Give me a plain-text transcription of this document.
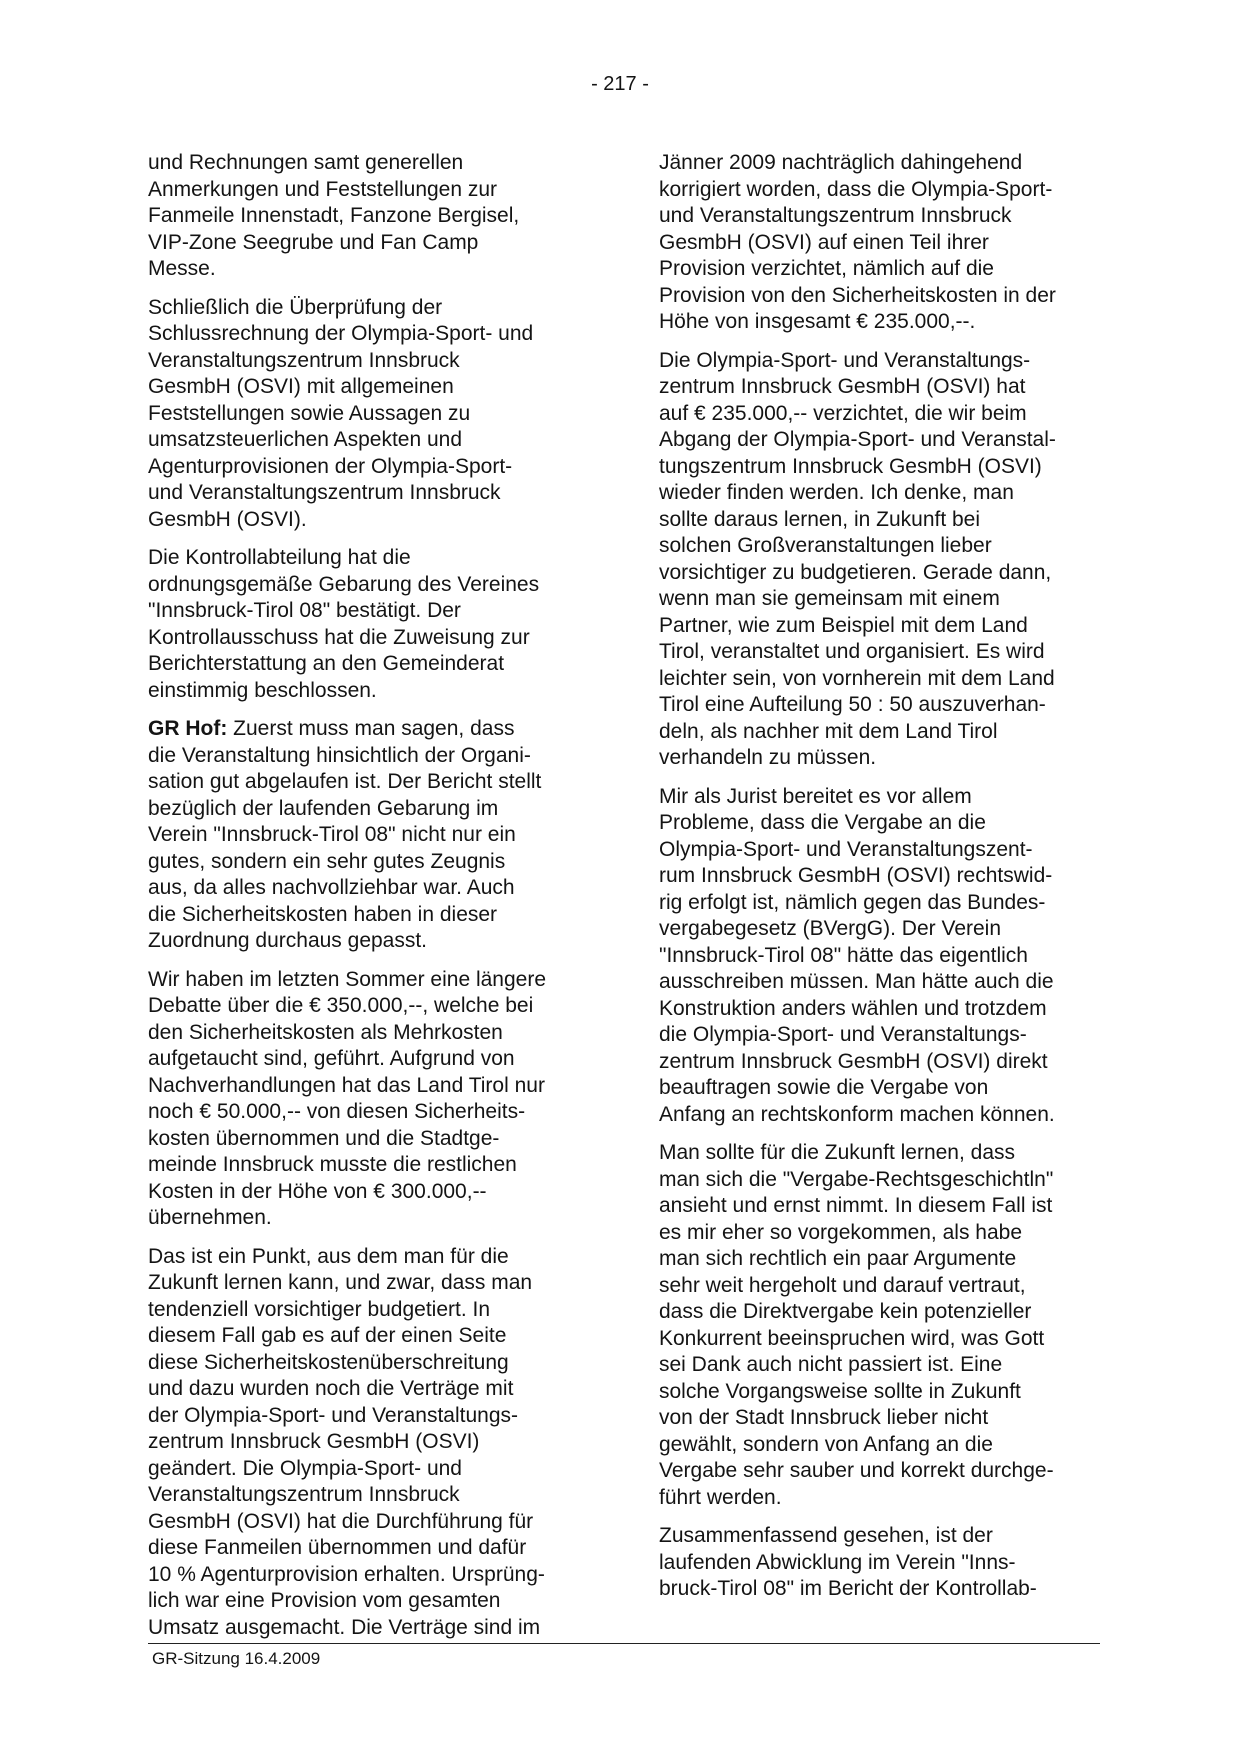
- 217 -
und Rechnungen samt generellen
Anmerkungen und Feststellungen zur
Fanmeile Innenstadt, Fanzone Bergisel,
VIP-Zone Seegrube und Fan Camp
Messe.
Schließlich die Überprüfung der
Schlussrechnung der Olympia-Sport- und
Veranstaltungszentrum Innsbruck
GesmbH (OSVI) mit allgemeinen
Feststellungen sowie Aussagen zu
umsatzsteuerlichen Aspekten und
Agenturprovisionen der Olympia-Sport-
und Veranstaltungszentrum Innsbruck
GesmbH (OSVI).
Die Kontrollabteilung hat die
ordnungsgemäße Gebarung des Vereines
"Innsbruck-Tirol 08" bestätigt. Der
Kontrollausschuss hat die Zuweisung zur
Berichterstattung an den Gemeinderat
einstimmig beschlossen.
GR Hof: Zuerst muss man sagen, dass
die Veranstaltung hinsichtlich der Organi-
sation gut abgelaufen ist. Der Bericht stellt
bezüglich der laufenden Gebarung im
Verein "Innsbruck-Tirol 08" nicht nur ein
gutes, sondern ein sehr gutes Zeugnis
aus, da alles nachvollziehbar war. Auch
die Sicherheitskosten haben in dieser
Zuordnung durchaus gepasst.
Wir haben im letzten Sommer eine längere
Debatte über die € 350.000,--, welche bei
den Sicherheitskosten als Mehrkosten
aufgetaucht sind, geführt. Aufgrund von
Nachverhandlungen hat das Land Tirol nur
noch € 50.000,-- von diesen Sicherheits-
kosten übernommen und die Stadtge-
meinde Innsbruck musste die restlichen
Kosten in der Höhe von € 300.000,--
übernehmen.
Das ist ein Punkt, aus dem man für die
Zukunft lernen kann, und zwar, dass man
tendenziell vorsichtiger budgetiert. In
diesem Fall gab es auf der einen Seite
diese Sicherheitskostenüberschreitung
und dazu wurden noch die Verträge mit
der Olympia-Sport- und Veranstaltungs-
zentrum Innsbruck GesmbH (OSVI)
geändert. Die Olympia-Sport- und
Veranstaltungszentrum Innsbruck
GesmbH (OSVI) hat die Durchführung für
diese Fanmeilen übernommen und dafür
10 % Agenturprovision erhalten. Ursprüng-
lich war eine Provision vom gesamten
Umsatz ausgemacht. Die Verträge sind im
Jänner 2009 nachträglich dahingehend
korrigiert worden, dass die Olympia-Sport-
und Veranstaltungszentrum Innsbruck
GesmbH (OSVI) auf einen Teil ihrer
Provision verzichtet, nämlich auf die
Provision von den Sicherheitskosten in der
Höhe von insgesamt € 235.000,--.
Die Olympia-Sport- und Veranstaltungs-
zentrum Innsbruck GesmbH (OSVI) hat
auf € 235.000,-- verzichtet, die wir beim
Abgang der Olympia-Sport- und Veranstal-
tungszentrum Innsbruck GesmbH (OSVI)
wieder finden werden. Ich denke, man
sollte daraus lernen, in Zukunft bei
solchen Großveranstaltungen lieber
vorsichtiger zu budgetieren. Gerade dann,
wenn man sie gemeinsam mit einem
Partner, wie zum Beispiel mit dem Land
Tirol, veranstaltet und organisiert. Es wird
leichter sein, von vornherein mit dem Land
Tirol eine Aufteilung 50 : 50 auszuverhan-
deln, als nachher mit dem Land Tirol
verhandeln zu müssen.
Mir als Jurist bereitet es vor allem
Probleme, dass die Vergabe an die
Olympia-Sport- und Veranstaltungszent-
rum Innsbruck GesmbH (OSVI) rechtswid-
rig erfolgt ist, nämlich gegen das Bundes-
vergabegesetz (BVergG). Der Verein
"Innsbruck-Tirol 08" hätte das eigentlich
ausschreiben müssen. Man hätte auch die
Konstruktion anders wählen und trotzdem
die Olympia-Sport- und Veranstaltungs-
zentrum Innsbruck GesmbH (OSVI) direkt
beauftragen sowie die Vergabe von
Anfang an rechtskonform machen können.
Man sollte für die Zukunft lernen, dass
man sich die "Vergabe-Rechtsgeschichtln"
ansieht und ernst nimmt. In diesem Fall ist
es mir eher so vorgekommen, als habe
man sich rechtlich ein paar Argumente
sehr weit hergeholt und darauf vertraut,
dass die Direktvergabe kein potenzieller
Konkurrent beeinspruchen wird, was Gott
sei Dank auch nicht passiert ist. Eine
solche Vorgangsweise sollte in Zukunft
von der Stadt Innsbruck lieber nicht
gewählt, sondern von Anfang an die
Vergabe sehr sauber und korrekt durchge-
führt werden.
Zusammenfassend gesehen, ist der
laufenden Abwicklung im Verein "Inns-
bruck-Tirol 08" im Bericht der Kontrollab-
GR-Sitzung 16.4.2009
